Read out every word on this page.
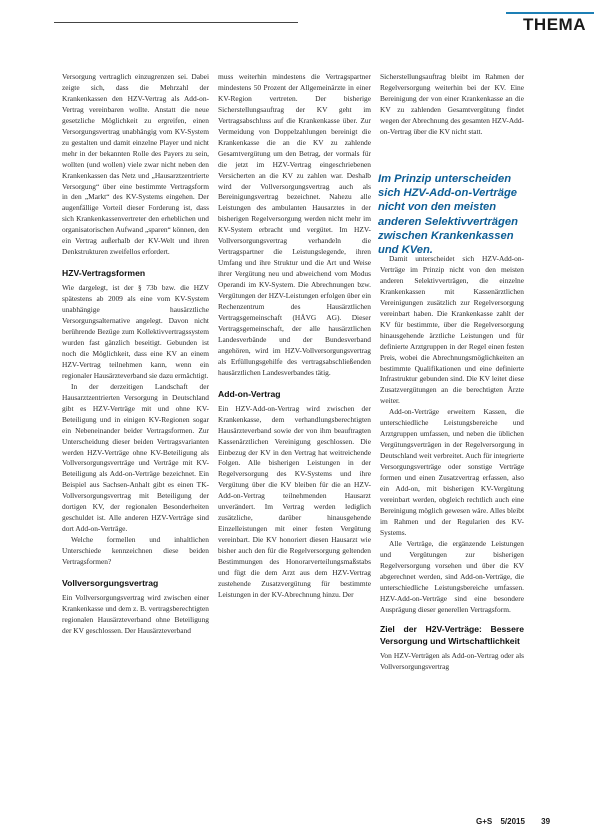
THEMA

Versorgung vertraglich einzugrenzen sei. Dabei zeigte sich, dass die Mehrzahl der Krankenkassen den HZV-Vertrag als Add-on-Vertrag vereinbaren wollte. Anstatt die neue gesetzliche Möglichkeit zu ergreifen, einen Versorgungsvertrag unabhängig vom KV-System zu gestalten und damit einzelne Player und nicht mehr in der bekannten Rolle des Payers zu sein, wollten (und wollen) viele zwar nicht neben den Krankenkassen das Netz und „Hausarztzentrierte Versorgung“ über eine bestimmte Vertragsform in den „Markt“ des KV-Systems eingehen. Der augenfällige Vorteil dieser Forderung ist, dass sich Krankenkassenvertreter den erheblichen und organisatorischen Aufwand „sparen“ können, den ein Vertrag außerhalb der KV-Welt und ihren Denkstrukturen zweifellos erfordert.

HZV-Vertragsformen

Wie dargelegt, ist der § 73b bzw. die HZV spätestens ab 2009 als eine vom KV-System unabhängige hausärztliche Versorgungsalternative angelegt. Davon nicht berührende Bezüge zum Kollektivvertragssystem wurden fast gänzlich beseitigt. Gebunden ist noch die Möglichkeit, dass eine KV an einem HZV-Vertrag teilnehmen kann, wenn ein regionaler Hausärzteverband sie dazu ermächtigt.

In der derzeitigen Landschaft der Hausarztzentrierten Versorgung in Deutschland gibt es HZV-Verträge mit und ohne KV-Beteiligung und in einigen KV-Regionen sogar ein Nebeneinander beider Vertragsformen. Zur Unterscheidung dieser beiden Vertragsvarianten werden HZV-Verträge ohne KV-Beteiligung als Vollversorgungsverträge und Verträge mit KV-Beteiligung als Add-on-Verträge bezeichnet. Ein Beispiel aus Sachsen-Anhalt gibt es einen TK-Vollversorgungsvertrag mit Beteiligung der dortigen KV, der regionalen Besonderheiten geschuldet ist. Alle anderen HZV-Verträge sind dort Add-on-Verträge.

Welche formellen und inhaltlichen Unterschiede kennzeichnen diese beiden Vertragsformen?

Vollversorgungsvertrag

Ein Vollversorgungsvertrag wird zwischen einer Krankenkasse und dem z. B. vertragsberechtigten regionalen Hausärzteverband ohne Beteiligung der KV geschlossen. Der Hausärzteverband

muss weiterhin mindestens die Vertragspartner mindestens 50 Prozent der Allgemeinärzte in einer KV-Region vertreten. Der bisherige Sicherstellungsauftrag der KV geht im Vertragsabschluss auf die Krankenkasse über. Zur Vermeidung von Doppelzahlungen bereinigt die Krankenkasse die an die KV zu zahlende Gesamtvergütung um den Betrag, der vormals für die jetzt im HZV-Vertrag eingeschriebenen Versicherten an die KV zu zahlen war. Deshalb wird der Vollversorgungsvertrag auch als Bereinigungsvertrag bezeichnet. Nahezu alle Leistungen des ambulanten Hausarztes in der bisherigen Regelversorgung werden nicht mehr im KV-System erbracht und vergütet. Im HZV-Vollversorgungsvertrag verhandeln die Vertragspartner die Leistungslegende, ihren Umfang und ihre Struktur und die Art und Weise ihrer Vergütung neu und abweichend vom Modus Operandi im KV-System. Die Abrechnungen bzw. Vergütungen der HZV-Leistungen erfolgen über ein Rechenzentrum des Hausärztlichen Vertragsgemeinschaft (HÄVG AG). Dieser Vertragsgemeinschaft, der alle hausärztlichen Landesverbände und der Bundesverband angehören, wird im HZV-Vollversorgungsvertrag als Erfüllungsgehilfe des vertragsabschließenden hausärztlichen Landesverbandes tätig.

Add-on-Vertrag

Ein HZV-Add-on-Vertrag wird zwischen der Krankenkasse, dem verhandlungsberechtigten Hausärzteverband sowie der von ihm beauftragten Kassenärztlichen Vereinigung geschlossen. Die Einbezug der KV in den Vertrag hat weitreichende Folgen. Alle bisherigen Leistungen in der Regelversorgung des KV-Systems und ihre Vergütung über die KV bleiben für die an HZV-Add-on-Vertrag teilnehmenden Hausarzt unverändert. Im Vertrag werden lediglich zusätzliche, darüber hinausgehende Einzelleistungen mit einer festen Vergütung vereinbart. Die KV honoriert diesen Hausarzt wie bisher auch den für die Regelversorgung geltenden Bestimmungen des Honorarverteilungsmaßstabs und fügt die dem Arzt aus dem HZV-Vertrag zustehende Zusatzvergütung für bestimmte Leistungen in der KV-Abrechnung hinzu. Der

Sicherstellungsauftrag bleibt im Rahmen der Regelversorgung weiterhin bei der KV. Eine Bereinigung der von einer Krankenkasse an die KV zu zahlenden Gesamtvergütung findet wegen der Abrechnung des gesamten HZV-Add-on-Vertrag über die KV nicht statt.

Im Prinzip unterscheiden sich HZV-Add-on-Verträge nicht von den meisten anderen Selektivverträgen zwischen Krankenkassen und KVen.

Damit unterscheidet sich HZV-Add-on-Verträge im Prinzip nicht von den meisten anderen Selektivverträgen, die einzelne Krankenkassen mit Kassenärztlichen Vereinigungen zusätzlich zur Regelversorgung vereinbart haben. Die Krankenkasse zahlt der KV für bestimmte, über die Regelversorgung hinausgehende ärztliche Leistungen und für definierte Arztgruppen in der Regel einen festen Preis, wobei die Abrechnungsmöglichkeiten an bestimmte Qualifikationen und eine definierte Infrastruktur gebunden sind. Die KV leitet diese Zusatzvergütungen an die berechtigten Ärzte weiter.

Add-on-Verträge erweitern Kassen, die unterschiedliche Leistungsbereiche und Arztgruppen umfassen, und neben die üblichen Vergütungsverträgen in der Regelversorgung in Deutschland weit verbreitet. Auch für integrierte Versorgungsverträge oder sonstige Verträge formen und einen Zusatzvertrag erfassen, also ein Add-on, mit bisherigen KV-Vergütung vereinbart werden, obgleich rechtlich auch eine Bereinigung möglich gewesen wäre. Alles bleibt im Rahmen und der Regularien des KV-Systems.

Alle Verträge, die ergänzende Leistungen und Vergütungen zur bisherigen Regelversorgung vorsehen und über die KV abgerechnet werden, sind Add-on-Verträge, die unterschiedliche Leistungsbereiche umfassen. HZV-Add-on-Verträge sind eine besondere Ausprägung dieser generellen Vertragsform.

Ziel der H2V-Verträge: Bessere Versorgung und Wirtschaftlichkeit

Von HZV-Verträgen als Add-on-Vertrag oder als Vollversorgungsvertrag

G+S 5/2015 39
